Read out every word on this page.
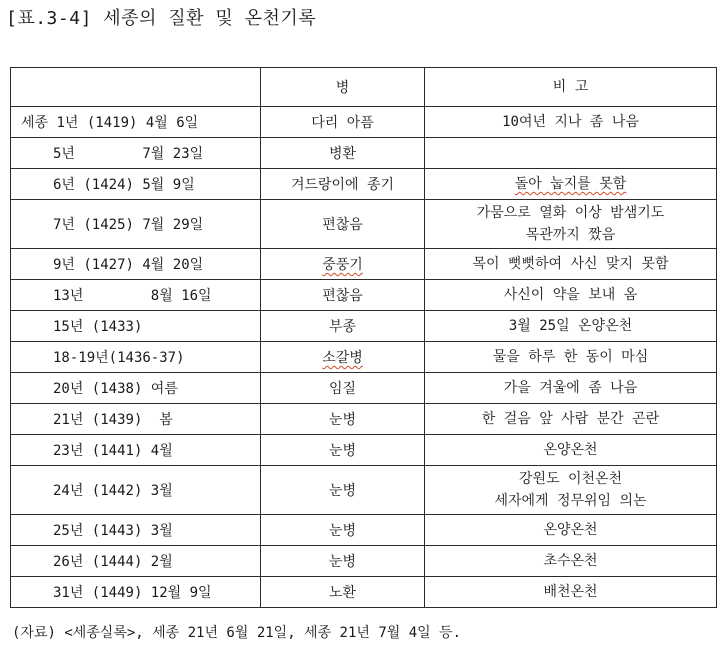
[표.3-4] 세종의 질환 및 온천기록
	병	비 고
세종 1년 (1419) 4월 6일	다리 아픔	10여년 지나 좀 나음

5년        7월 23일	병환	

6년 (1424) 5월 9일	겨드랑이에 종기	돌아 눕지를 못함

7년 (1425) 7월 29일	편찮음	가뭄으로 열화 이상 밤샘기도
목관까지 짰음

9년 (1427) 4월 20일	중풍기	목이 뻣뻣하여 사신 맞지 못함

13년        8월 16일	편찮음	사신이 약을 보내 옴

15년 (1433)	부종	3월 25일 온양온천

18-19년(1436-37)	소갈병	물을 하루 한 동이 마심

20년 (1438) 여름	임질	가을 겨울에 좀 나음

21년 (1439)  봄	눈병	한 걸음 앞 사람 분간 곤란

23년 (1441) 4월	눈병	온양온천

24년 (1442) 3월	눈병	강원도 이천온천
세자에게 정무위임 의논

25년 (1443) 3월	눈병	온양온천

26년 (1444) 2월	눈병	초수온천

31년 (1449) 12월 9일	노환	배천온천
(자료) <세종실록>, 세종 21년 6월 21일, 세종 21년 7월 4일 등.
